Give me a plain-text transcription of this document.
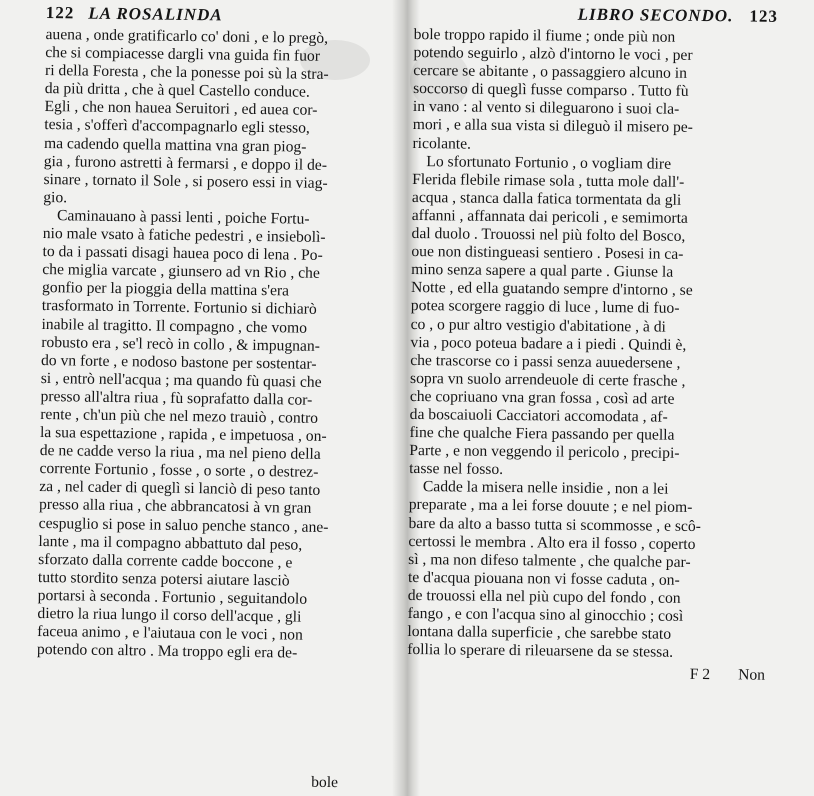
122 LA ROSALINDA
auena , onde gratificarlo co' doni , e lo pregò,
che si compiacesse dargli vna guida fin fuor
ri della Foresta , che la ponesse poi sù la stra-
da più dritta , che à quel Castello conduce.
Egli , che non hauea Seruitori , ed auea cor-
tesia , s'offerì d'accompagnarlo egli stesso,
ma cadendo quella mattina vna gran piog-
gia , furono astretti à fermarsi , e doppo il de-
sinare , tornato il Sole , si posero essi in viag-
gio.
Caminauano à passi lenti , poiche Fortu-
nio male vsato à fatiche pedestri , e insiebolì-
to da i passati disagi hauea poco di lena . Po-
che miglia varcate , giunsero ad vn Rio , che
gonfio per la pioggia della mattina s'era
trasformato in Torrente. Fortunio si dichiarò
inabile al tragitto. Il compagno , che vomo
robusto era , se'l recò in collo , & impugnan-
do vn forte , e nodoso bastone per sostentar-
si , entrò nell'acqua ; ma quando fù quasi che
presso all'altra riua , fù soprafatto dalla cor-
rente , ch'un più che nel mezo trauiò , contro
la sua espettazione , rapida , e impetuosa , on-
de ne cadde verso la riua , ma nel pieno della
corrente Fortunio , fosse , o sorte , o destrez-
za , nel cader di queglì si lanciò di peso tanto
presso alla riua , che abbrancatosi à vn gran
cespuglio si pose in saluo penche stanco , ane-
lante , ma il compagno abbattuto dal peso,
sforzato dalla corrente cadde boccone , e
tutto stordito senza potersi aiutare lasciò
portarsi à seconda . Fortunio , seguitandolo
dietro la riua lungo il corso dell'acque , gli
faceua animo , e l'aiutaua con le voci , non
potendo con altro . Ma troppo egli era de-
bole
LIBRO SECONDO. 123
bole troppo rapido il fiume ; onde più non
potendo seguirlo , alzò d'intorno le voci , per
cercare se abitante , o passaggiero alcuno in
soccorso di queglì fusse comparso . Tutto fù
in vano : al vento si dileguarono i suoi cla-
mori , e alla sua vista si dileguò il misero pe-
ricolante.
Lo sfortunato Fortunio , o vogliam dire
Flerida flebile rimase sola , tutta mole dall'-
acqua , stanca dalla fatica tormentata da gli
affanni , affannata dai pericoli , e semimorta
dal duolo . Trouossi nel più folto del Bosco,
oue non distingueasi sentiero . Posesi in ca-
mino senza sapere a qual parte . Giunse la
Notte , ed ella guatando sempre d'intorno , se
potea scorgere raggio di luce , lume di fuo-
co , o pur altro vestigio d'abitatione , à di
via , poco poteua badare a i piedi . Quindi è,
che trascorse co i passi senza auuedersene ,
sopra vn suolo arrendeuole di certe frasche ,
che copriuano vna gran fossa , così ad arte
da boscaiuoli Cacciatori accomodata , af-
fine che qualche Fiera passando per quella
Parte , e non veggendo il pericolo , precipi-
tasse nel fosso.
Cadde la misera nelle insidie , non a lei
preparate , ma a lei forse douute ; e nel piom-
bare da alto a basso tutta si scommosse , e scô-
certossi le membra . Alto era il fosso , coperto
sì , ma non difeso talmente , che qualche par-
te d'acqua piouana non vi fosse caduta , on-
de trouossi ella nel più cupo del fondo , con
fango , e con l'acqua sino al ginocchio ; così
lontana dalla superficie , che sarebbe stato
follia lo sperare di rileuarsene da se stessa.
F 2 Non
